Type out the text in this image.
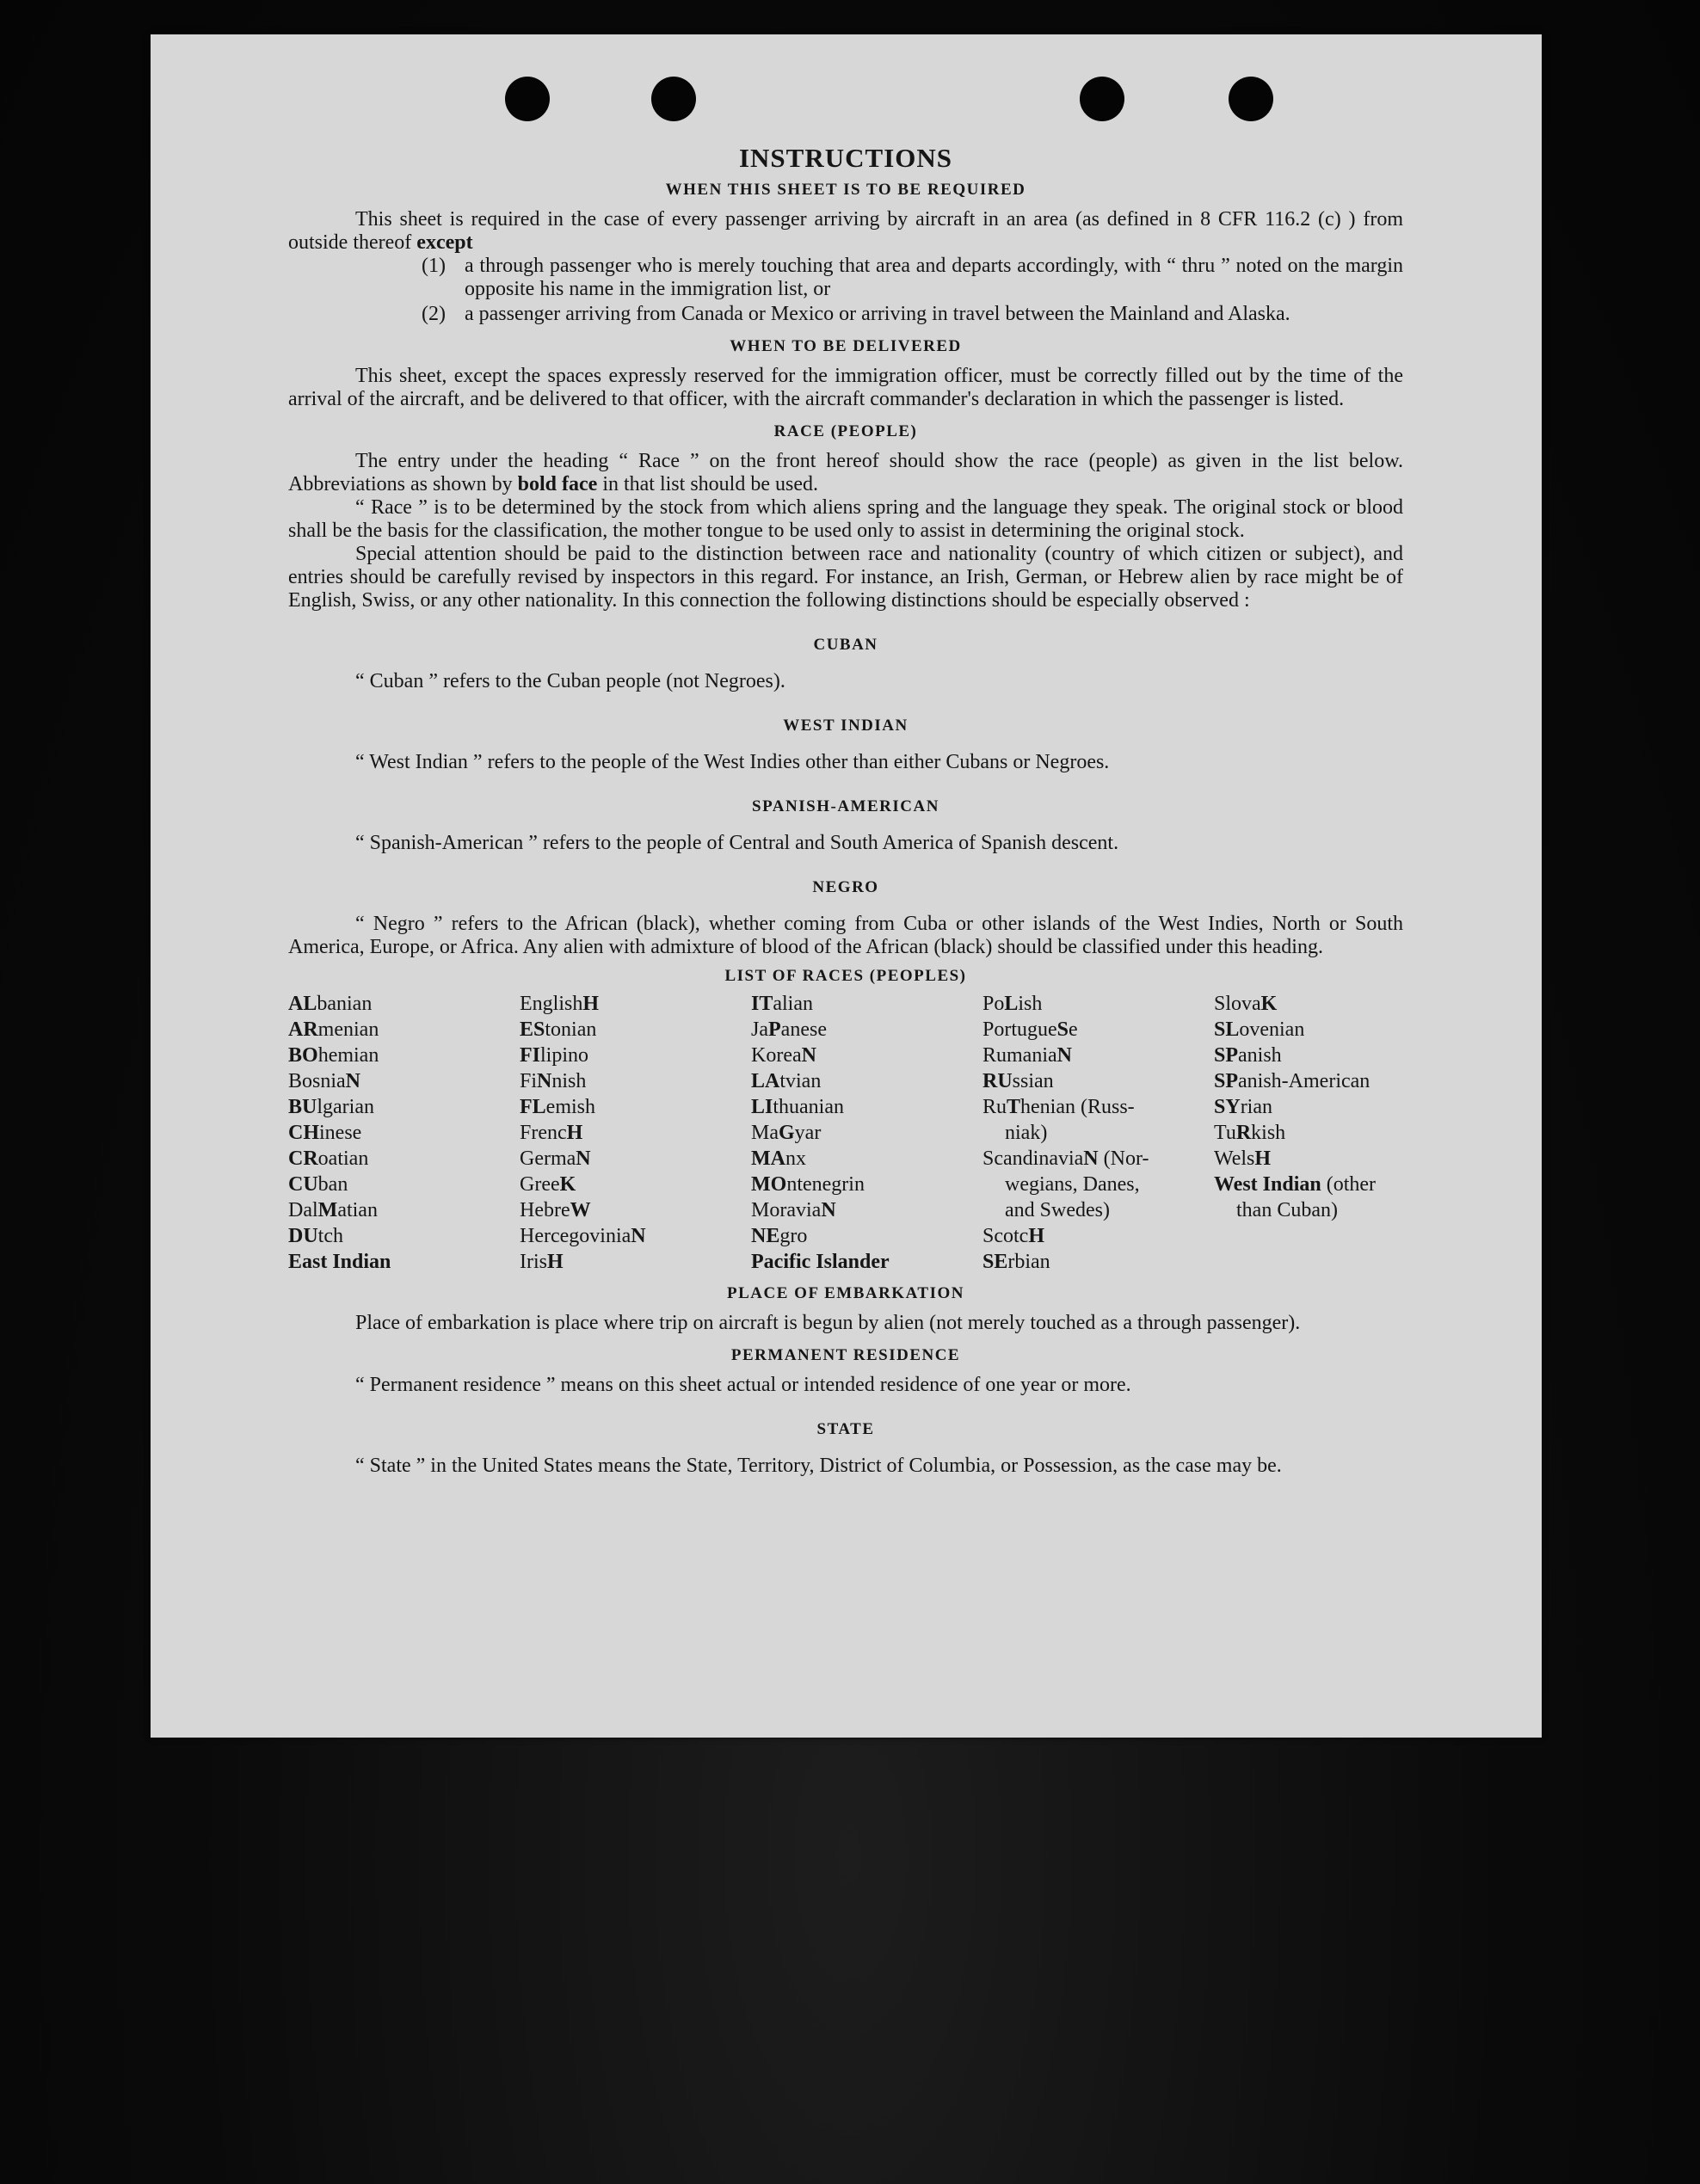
INSTRUCTIONS
WHEN THIS SHEET IS TO BE REQUIRED

This sheet is required in the case of every passenger arriving by aircraft in an area (as defined in 8 CFR 116.2 (c) ) from outside thereof except

(1) a through passenger who is merely touching that area and departs accordingly, with “ thru ” noted on the margin opposite his name in the immigration list, or
(2) a passenger arriving from Canada or Mexico or arriving in travel between the Mainland and Alaska.
WHEN TO BE DELIVERED

This sheet, except the spaces expressly reserved for the immigration officer, must be correctly filled out by the time of the arrival of the aircraft, and be delivered to that officer, with the aircraft commander's declaration in which the passenger is listed.

RACE (PEOPLE)

The entry under the heading “ Race ” on the front hereof should show the race (people) as given in the list below. Abbreviations as shown by bold face in that list should be used.

“ Race ” is to be determined by the stock from which aliens spring and the language they speak. The original stock or blood shall be the basis for the classification, the mother tongue to be used only to assist in determining the original stock.

Special attention should be paid to the distinction between race and nationality (country of which citizen or subject), and entries should be carefully revised by inspectors in this regard. For instance, an Irish, German, or Hebrew alien by race might be of English, Swiss, or any other nationality. In this connection the following distinctions should be especially observed :

CUBAN

“ Cuban ” refers to the Cuban people (not Negroes).

WEST INDIAN

“ West Indian ” refers to the people of the West Indies other than either Cubans or Negroes.

SPANISH-AMERICAN

“ Spanish-American ” refers to the people of Central and South America of Spanish descent.

NEGRO

“ Negro ” refers to the African (black), whether coming from Cuba or other islands of the West Indies, North or South America, Europe, or Africa. Any alien with admixture of blood of the African (black) should be classified under this heading.

LIST OF RACES (PEOPLES)
ALbanian
ARmenian
BOhemian
BosniaN
BUlgarian
CHinese
CRoatian
CUban
DalMatian
DUtch
East Indian
EnglishH
EStonian
FIlipino
FiNnish
FLemish
FrencH
GermaN
GreeK
HebreW
HercegoviniaN
IrisH
ITalian
JaPanese
KoreaN
LAtvian
LIthuanian
MaGyar
MAnx
MOntenegrin
MoraviaN
NEgro
Pacific Islander
PoLish
PortugueSe
RumaniaN
RUssian
RuThenian (Russ-
niak)
ScandinaviaN (Nor-
wegians, Danes,
and Swedes)
ScotcH
SErbian
SlovaK
SLovenian
SPanish
SPanish-American
SYrian
TuRkish
WelsH
West Indian (other
than Cuban)
PLACE OF EMBARKATION

Place of embarkation is place where trip on aircraft is begun by alien (not merely touched as a through passenger).

PERMANENT RESIDENCE

“ Permanent residence ” means on this sheet actual or intended residence of one year or more.

STATE

“ State ” in the United States means the State, Territory, District of Columbia, or Possession, as the case may be.
